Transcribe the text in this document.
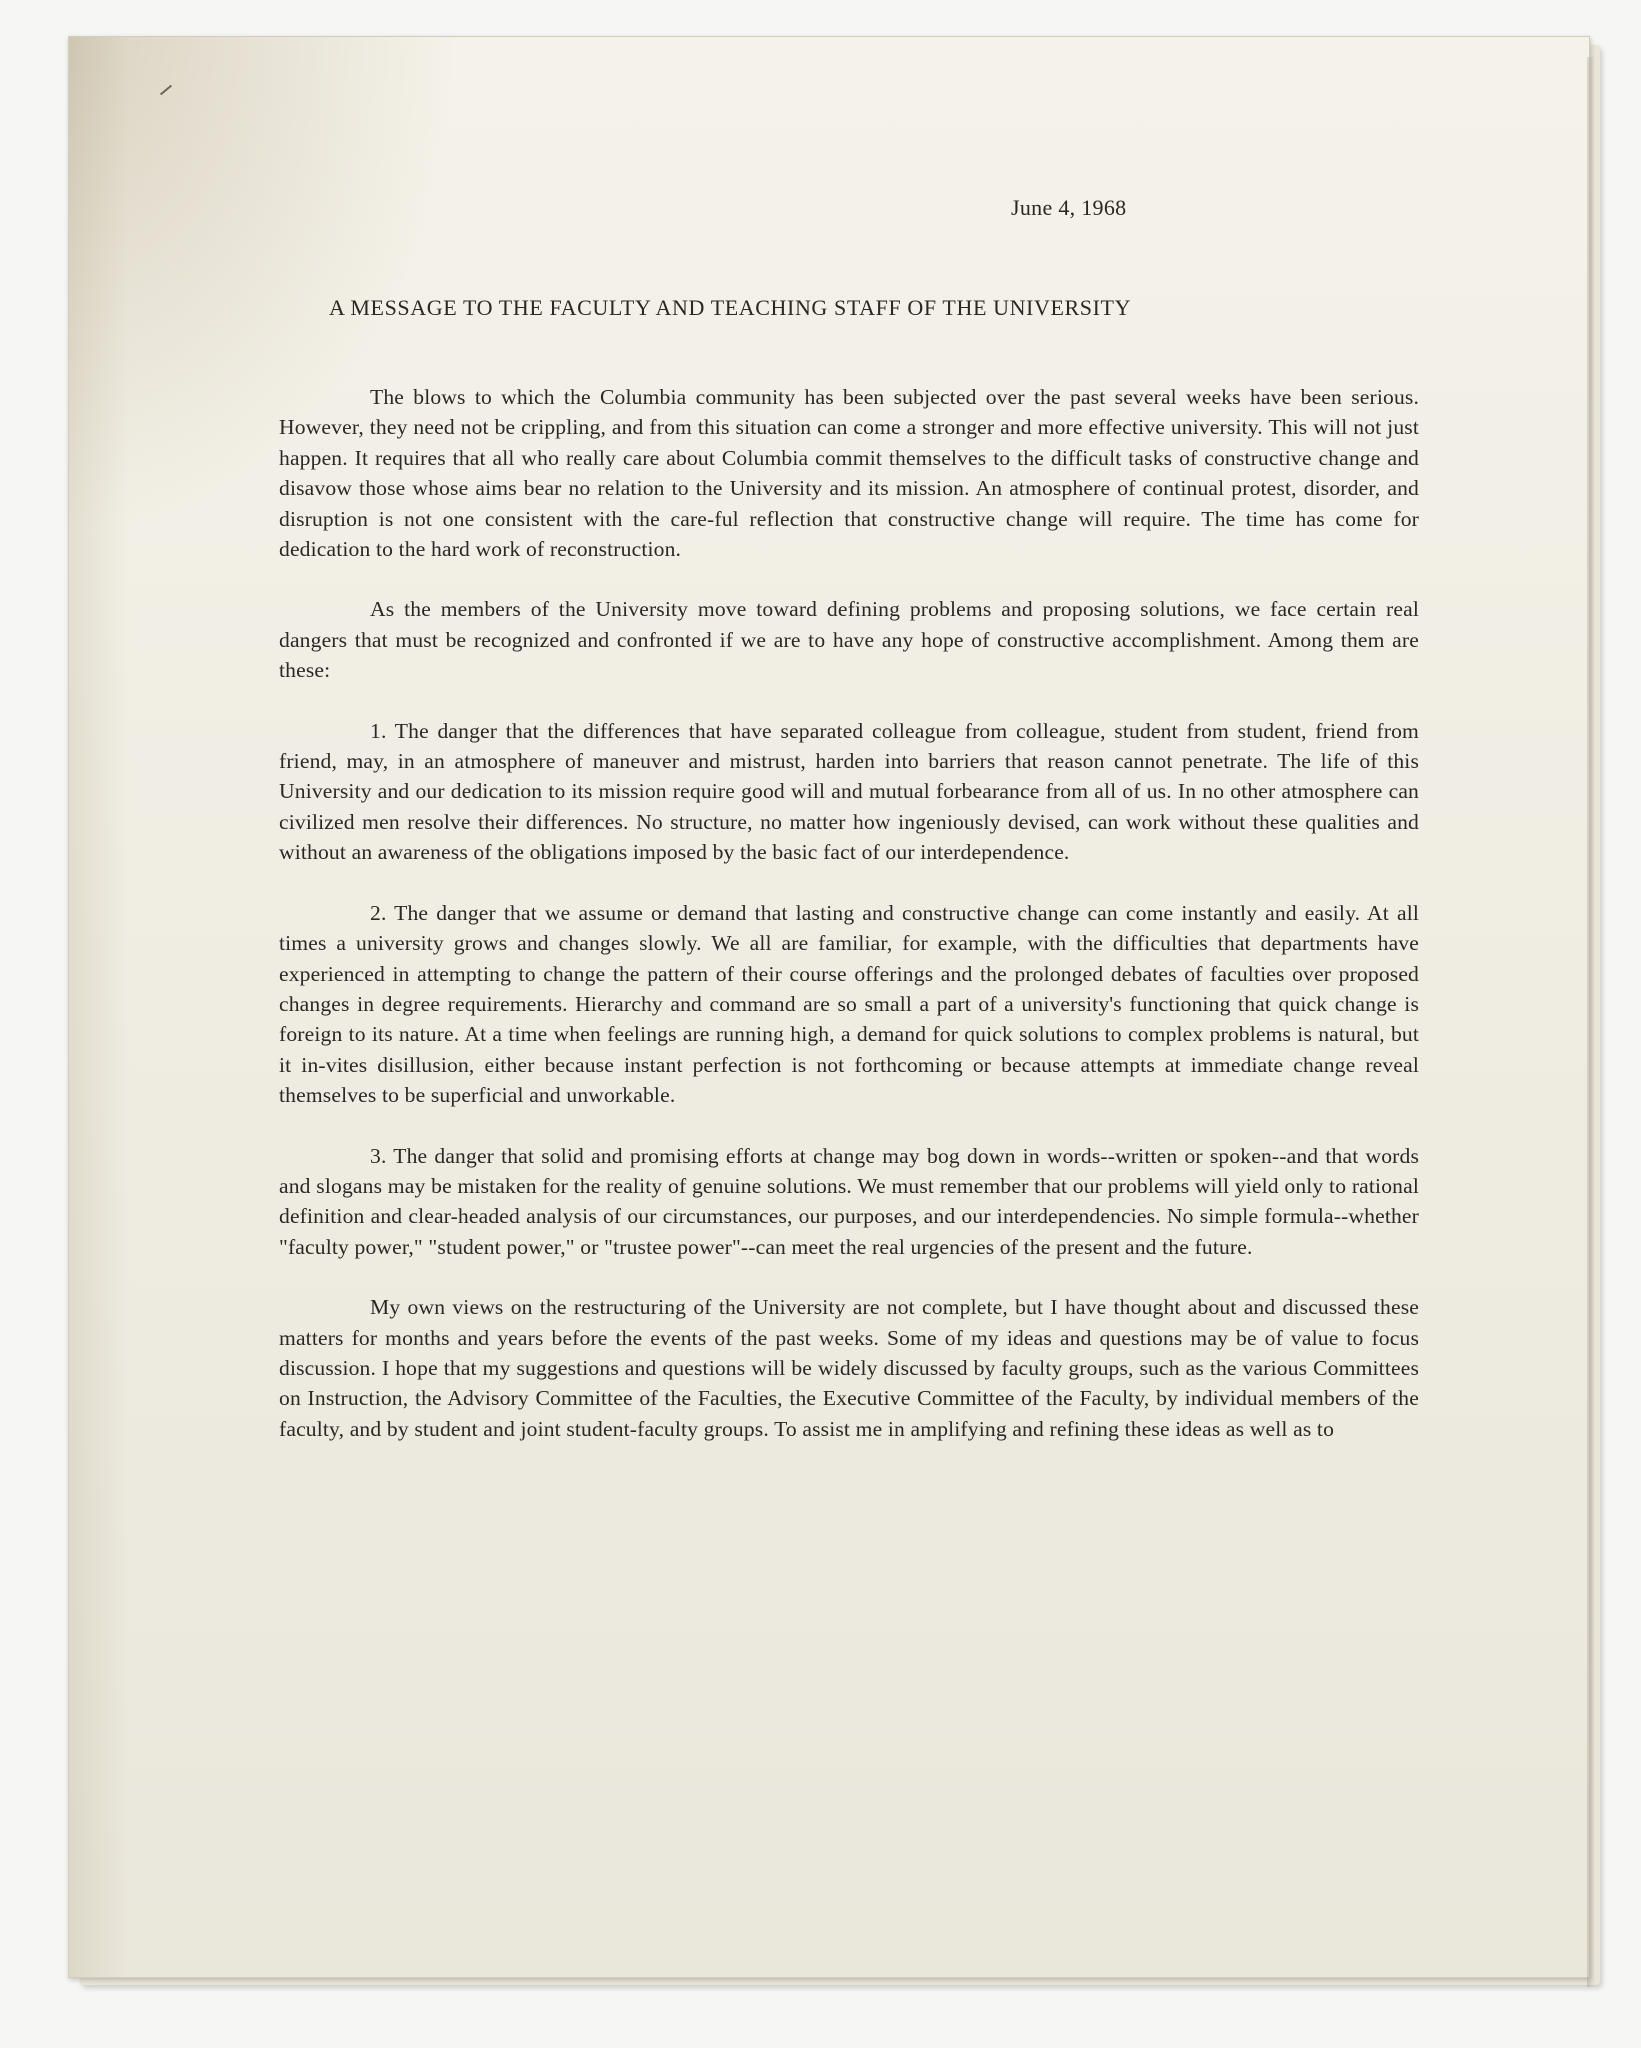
June 4, 1968
A MESSAGE TO THE FACULTY AND TEACHING STAFF OF THE UNIVERSITY

The blows to which the Columbia community has been subjected over the past several weeks have been serious. However, they need not be crippling, and from this situation can come a stronger and more effective university. This will not just happen. It requires that all who really care about Columbia commit themselves to the difficult tasks of constructive change and disavow those whose aims bear no relation to the University and its mission. An atmosphere of continual protest, disorder, and disruption is not one consistent with the care-ful reflection that constructive change will require. The time has come for dedication to the hard work of reconstruction.

As the members of the University move toward defining problems and proposing solutions, we face certain real dangers that must be recognized and confronted if we are to have any hope of constructive accomplishment. Among them are these:

1. The danger that the differences that have separated colleague from colleague, student from student, friend from friend, may, in an atmosphere of maneuver and mistrust, harden into barriers that reason cannot penetrate. The life of this University and our dedication to its mission require good will and mutual forbearance from all of us. In no other atmosphere can civilized men resolve their differences. No structure, no matter how ingeniously devised, can work without these qualities and without an awareness of the obligations imposed by the basic fact of our interdependence.

2. The danger that we assume or demand that lasting and constructive change can come instantly and easily. At all times a university grows and changes slowly. We all are familiar, for example, with the difficulties that departments have experienced in attempting to change the pattern of their course offerings and the prolonged debates of faculties over proposed changes in degree requirements. Hierarchy and command are so small a part of a university's functioning that quick change is foreign to its nature. At a time when feelings are running high, a demand for quick solutions to complex problems is natural, but it in-vites disillusion, either because instant perfection is not forthcoming or because attempts at immediate change reveal themselves to be superficial and unworkable.

3. The danger that solid and promising efforts at change may bog down in words--written or spoken--and that words and slogans may be mistaken for the reality of genuine solutions. We must remember that our problems will yield only to rational definition and clear-headed analysis of our circumstances, our purposes, and our interdependencies. No simple formula--whether "faculty power," "student power," or "trustee power"--can meet the real urgencies of the present and the future.

My own views on the restructuring of the University are not complete, but I have thought about and discussed these matters for months and years before the events of the past weeks. Some of my ideas and questions may be of value to focus discussion. I hope that my suggestions and questions will be widely discussed by faculty groups, such as the various Committees on Instruction, the Advisory Committee of the Faculties, the Executive Committee of the Faculty, by individual members of the faculty, and by student and joint student-faculty groups. To assist me in amplifying and refining these ideas as well as to
